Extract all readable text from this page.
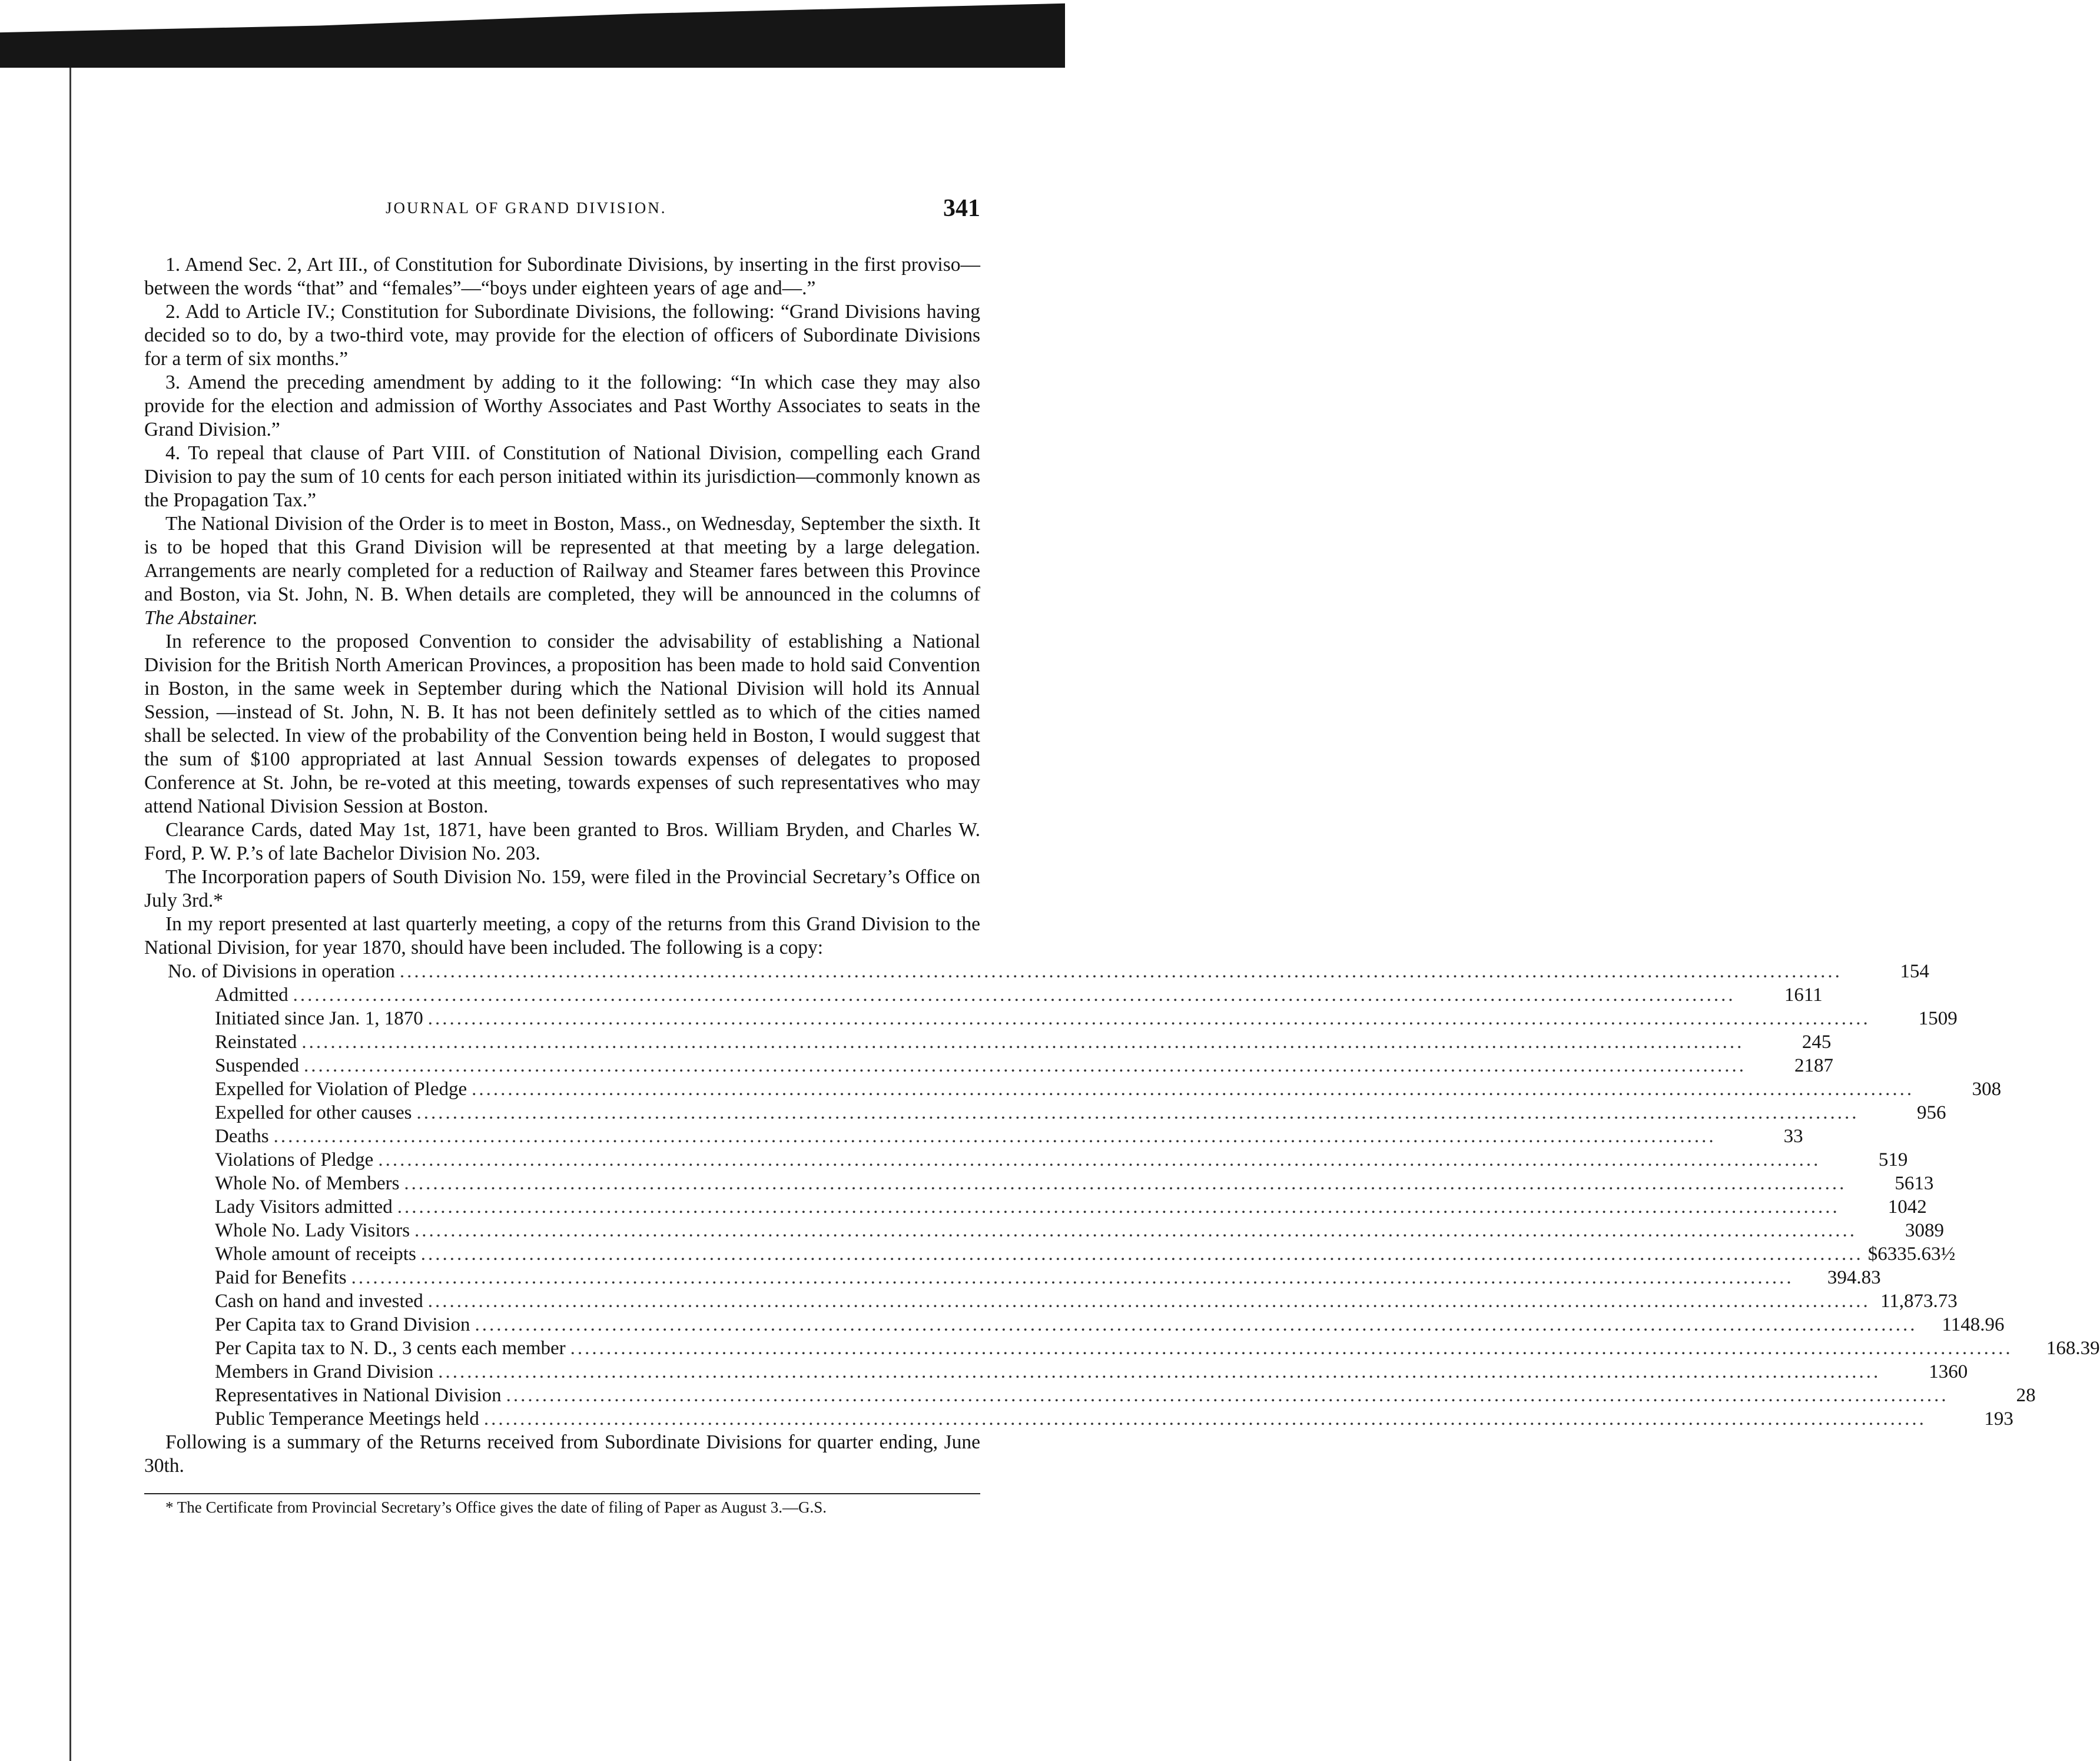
JOURNAL OF GRAND DIVISION.	341

1. Amend Sec. 2, Art III., of Constitution for Subordinate Divisions, by inserting in the first proviso—between the words “that” and “females”—“boys under eighteen years of age and—.”

2. Add to Article IV.; Constitution for Subordinate Divisions, the following: “Grand Divisions having decided so to do, by a two-third vote, may provide for the election of officers of Subordinate Divisions for a term of six months.”

3. Amend the preceding amendment by adding to it the following: “In which case they may also provide for the election and admission of Worthy Associates and Past Worthy Associates to seats in the Grand Division.”

4. To repeal that clause of Part VIII. of Constitution of National Division, compelling each Grand Division to pay the sum of 10 cents for each person initiated within its jurisdiction—commonly known as the Propagation Tax.”

The National Division of the Order is to meet in Boston, Mass., on Wednesday, September the sixth. It is to be hoped that this Grand Division will be represented at that meeting by a large delegation. Arrangements are nearly completed for a reduction of Railway and Steamer fares between this Province and Boston, via St. John, N. B. When details are completed, they will be announced in the columns of The Abstainer.

In reference to the proposed Convention to consider the advisability of establishing a National Division for the British North American Provinces, a proposition has been made to hold said Convention in Boston, in the same week in September during which the National Division will hold its Annual Session, —instead of St. John, N. B. It has not been definitely settled as to which of the cities named shall be selected. In view of the probability of the Convention being held in Boston, I would suggest that the sum of $100 appropriated at last Annual Session towards expenses of delegates to proposed Conference at St. John, be re-voted at this meeting, towards expenses of such representatives who may attend National Division Session at Boston.

Clearance Cards, dated May 1st, 1871, have been granted to Bros. William Bryden, and Charles W. Ford, P. W. P.’s of late Bachelor Division No. 203.

The Incorporation papers of South Division No. 159, were filed in the Provincial Secretary’s Office on July 3rd.*

In my report presented at last quarterly meeting, a copy of the returns from this Grand Division to the National Division, for year 1870, should have been included. The following is a copy:

No. of Divisions in operation ........................................................................................................................................................................................................	154
Admitted ........................................................................................................................................................................................................	1611
Initiated since Jan. 1, 1870 ........................................................................................................................................................................................................	1509
Reinstated ........................................................................................................................................................................................................	245
Suspended ........................................................................................................................................................................................................	2187
Expelled for Violation of Pledge ........................................................................................................................................................................................................	308
Expelled for other causes ........................................................................................................................................................................................................	956
Deaths ........................................................................................................................................................................................................	33
Violations of Pledge ........................................................................................................................................................................................................	519
Whole No. of Members ........................................................................................................................................................................................................	5613
Lady Visitors admitted ........................................................................................................................................................................................................	1042
Whole No. Lady Visitors ........................................................................................................................................................................................................	3089
Whole amount of receipts ........................................................................................................................................................................................................ $6335.63½
Paid for Benefits ........................................................................................................................................................................................................	394.83
Cash on hand and invested ........................................................................................................................................................................................................ 11,873.73
Per Capita tax to Grand Division ........................................................................................................................................................................................................	1148.96
Per Capita tax to N. D., 3 cents each member ........................................................................................................................................................................................................	168.39
Members in Grand Division ........................................................................................................................................................................................................	1360
Representatives in National Division ........................................................................................................................................................................................................	28
Public Temperance Meetings held ........................................................................................................................................................................................................	193

Following is a summary of the Returns received from Subordinate Divisions for quarter ending, June 30th.

* The Certificate from Provincial Secretary’s Office gives the date of filing of Paper as August 3.—G.S.
